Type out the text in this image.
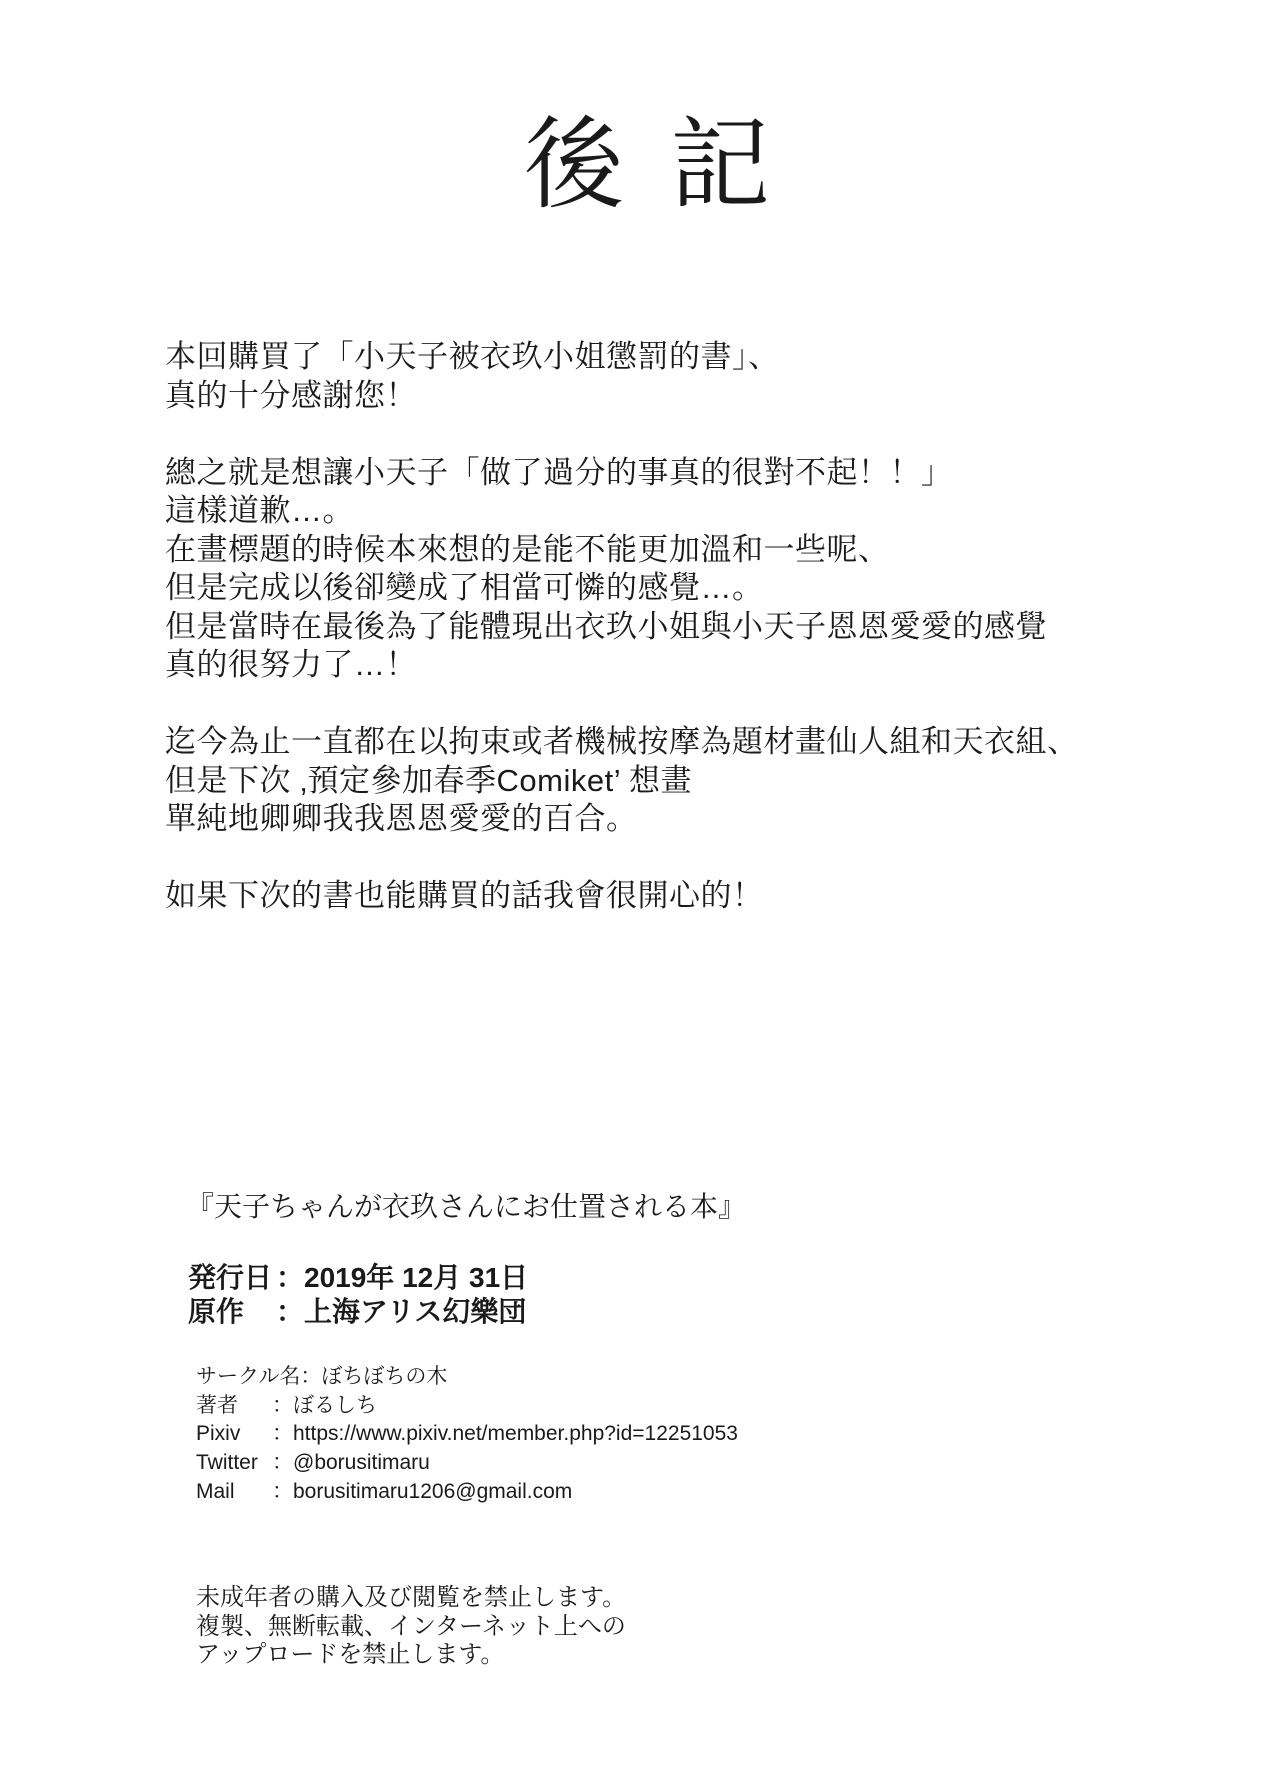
後記

本回購買了「小天子被衣玖小姐懲罰的書」、
真的十分感謝您！

總之就是想讓小天子「做了過分的事真的很對不起！！」
這樣道歉…。
在畫標題的時候本來想的是能不能更加溫和一些呢、
但是完成以後卻變成了相當可憐的感覺…。
但是當時在最後為了能體現出衣玖小姐與小天子恩恩愛愛的感覺
真的很努力了…！

迄今為止一直都在以拘束或者機械按摩為題材畫仙人組和天衣組、
但是下次 ‚預定參加春季Comiket’ 想畫
單純地卿卿我我恩恩愛愛的百合。

如果下次的書也能購買的話我會很開心的！

『天子ちゃんが衣玖さんにお仕置される本』
発行日 ：2019年 12月 31日
原作 ：上海アリス幻樂団
サークル名：ぼちぼちの木
著者 ：ぼるしち
Pixiv ：https://www.pixiv.net/member.php?id=12251053
Twitter ：@borusitimaru
Mail ：borusitimaru1206@gmail.com
未成年者の購入及び閲覧を禁止します。
複製、無断転載、インターネット上への
アップロードを禁止します。
